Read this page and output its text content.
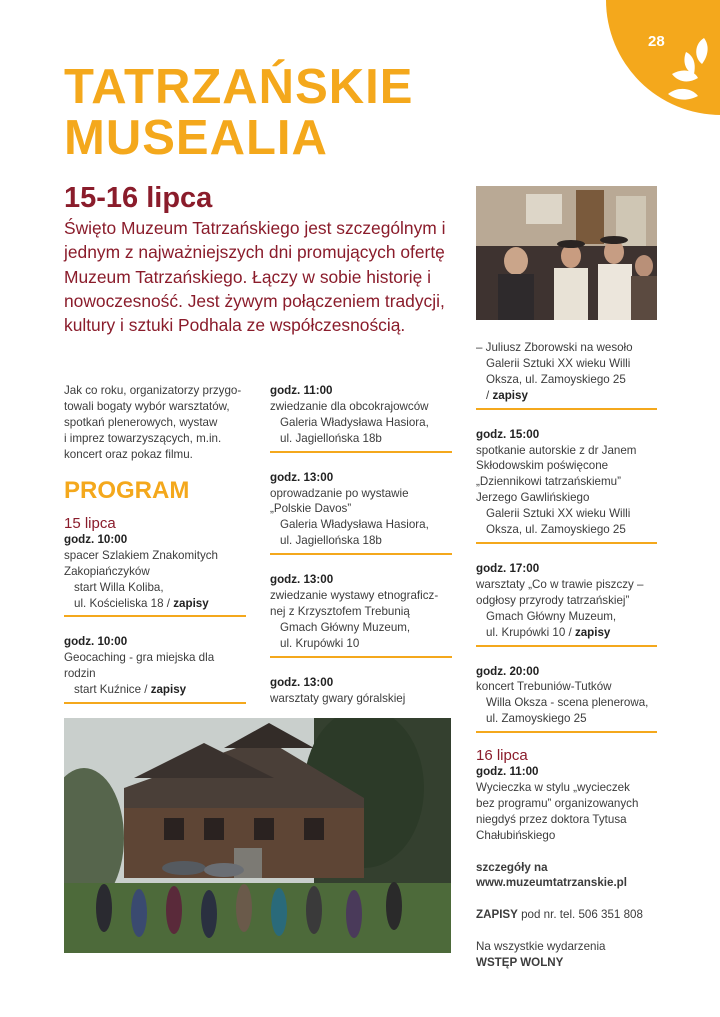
28
TATRZAŃSKIE
MUSEALIA
15-16 lipca
Święto Muzeum Tatrzańskiego jest szczególnym i jednym z najważniejszych dni promujących ofertę Muzeum Tatrzańskiego. Łączy w sobie historię i nowoczesność. Jest żywym połączeniem tradycji, kultury i sztuki Podhala ze współczesnością.
Jak co roku, organizatorzy przygo-
towali bogaty wybór warsztatów,
spotkań plenerowych, wystaw
i imprez towarzyszących, m.in.
koncert oraz pokaz filmu.
PROGRAM
15 lipca
godz. 10:00
spacer Szlakiem Znakomitych
Zakopiańczyków
start Willa Koliba,
ul. Kościeliska 18 / zapisy
godz. 10:00
Geocaching - gra miejska dla
rodzin
start Kuźnice / zapisy
godz. 11:00
zwiedzanie dla obcokrajowców
Galeria Władysława Hasiora,
ul. Jagiellońska 18b
godz. 13:00
oprowadzanie po wystawie
„Polskie Davos”
Galeria Władysława Hasiora,
ul. Jagiellońska 18b
godz. 13:00
zwiedzanie wystawy etnograficz-
nej z Krzysztofem Trebunią
Gmach Główny Muzeum,
ul. Krupówki 10
godz. 13:00
warsztaty gwary góralskiej
– Juliusz Zborowski na wesoło
Galerii Sztuki XX wieku Willi
Oksza, ul. Zamoyskiego 25
/ zapisy
godz. 15:00
spotkanie autorskie z dr Janem
Skłodowskim poświęcone
„Dziennikowi tatrzańskiemu”
Jerzego Gawlińskiego
Galerii Sztuki XX wieku Willi
Oksza, ul. Zamoyskiego 25
godz. 17:00
warsztaty „Co w trawie piszczy –
odgłosy przyrody tatrzańskiej”
Gmach Główny Muzeum,
ul. Krupówki 10 / zapisy
godz. 20:00
koncert Trebuniów-Tutków
Willa Oksza - scena plenerowa,
ul. Zamoyskiego 25
16 lipca
godz. 11:00
Wycieczka w stylu „wycieczek
bez programu” organizowanych
niegdyś przez doktora Tytusa
Chałubińskiego
szczegóły na
www.muzeumtatrzanskie.pl
ZAPISY pod nr. tel. 506 351 808
Na wszystkie wydarzenia
WSTĘP WOLNY
